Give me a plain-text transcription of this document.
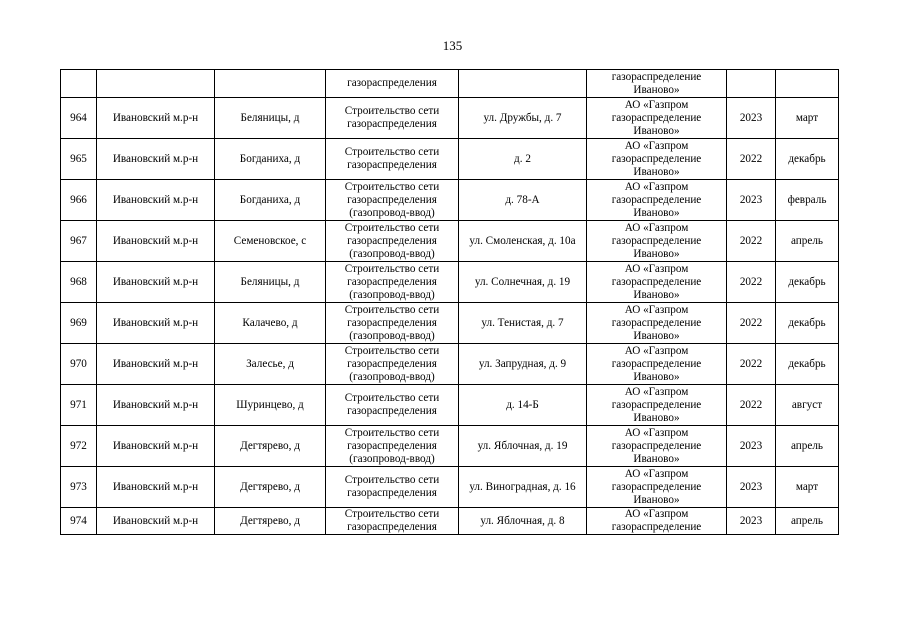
135
			газораспределения		газораспределение
Иваново»		
964	Ивановский м.р-н	Беляницы, д	Строительство сети
газораспределения	ул. Дружбы, д. 7	АО «Газпром
газораспределение
Иваново»	2023	март
965	Ивановский м.р-н	Богданиха, д	Строительство сети
газораспределения	д. 2	АО «Газпром
газораспределение
Иваново»	2022	декабрь
966	Ивановский м.р-н	Богданиха, д	Строительство сети
газораспределения
(газопровод-ввод)	д. 78-А	АО «Газпром
газораспределение
Иваново»	2023	февраль
967	Ивановский м.р-н	Семеновское, с	Строительство сети
газораспределения
(газопровод-ввод)	ул. Смоленская, д. 10а	АО «Газпром
газораспределение
Иваново»	2022	апрель
968	Ивановский м.р-н	Беляницы, д	Строительство сети
газораспределения
(газопровод-ввод)	ул. Солнечная, д. 19	АО «Газпром
газораспределение
Иваново»	2022	декабрь
969	Ивановский м.р-н	Калачево, д	Строительство сети
газораспределения
(газопровод-ввод)	ул. Тенистая, д. 7	АО «Газпром
газораспределение
Иваново»	2022	декабрь
970	Ивановский м.р-н	Залесье, д	Строительство сети
газораспределения
(газопровод-ввод)	ул. Запрудная, д. 9	АО «Газпром
газораспределение
Иваново»	2022	декабрь
971	Ивановский м.р-н	Шуринцево, д	Строительство сети
газораспределения	д. 14-Б	АО «Газпром
газораспределение
Иваново»	2022	август
972	Ивановский м.р-н	Дегтярево, д	Строительство сети
газораспределения
(газопровод-ввод)	ул. Яблочная, д. 19	АО «Газпром
газораспределение
Иваново»	2023	апрель
973	Ивановский м.р-н	Дегтярево, д	Строительство сети
газораспределения	ул. Виноградная, д. 16	АО «Газпром
газораспределение
Иваново»	2023	март
974	Ивановский м.р-н	Дегтярево, д	Строительство сети
газораспределения	ул. Яблочная, д. 8	АО «Газпром
газораспределение	2023	апрель
